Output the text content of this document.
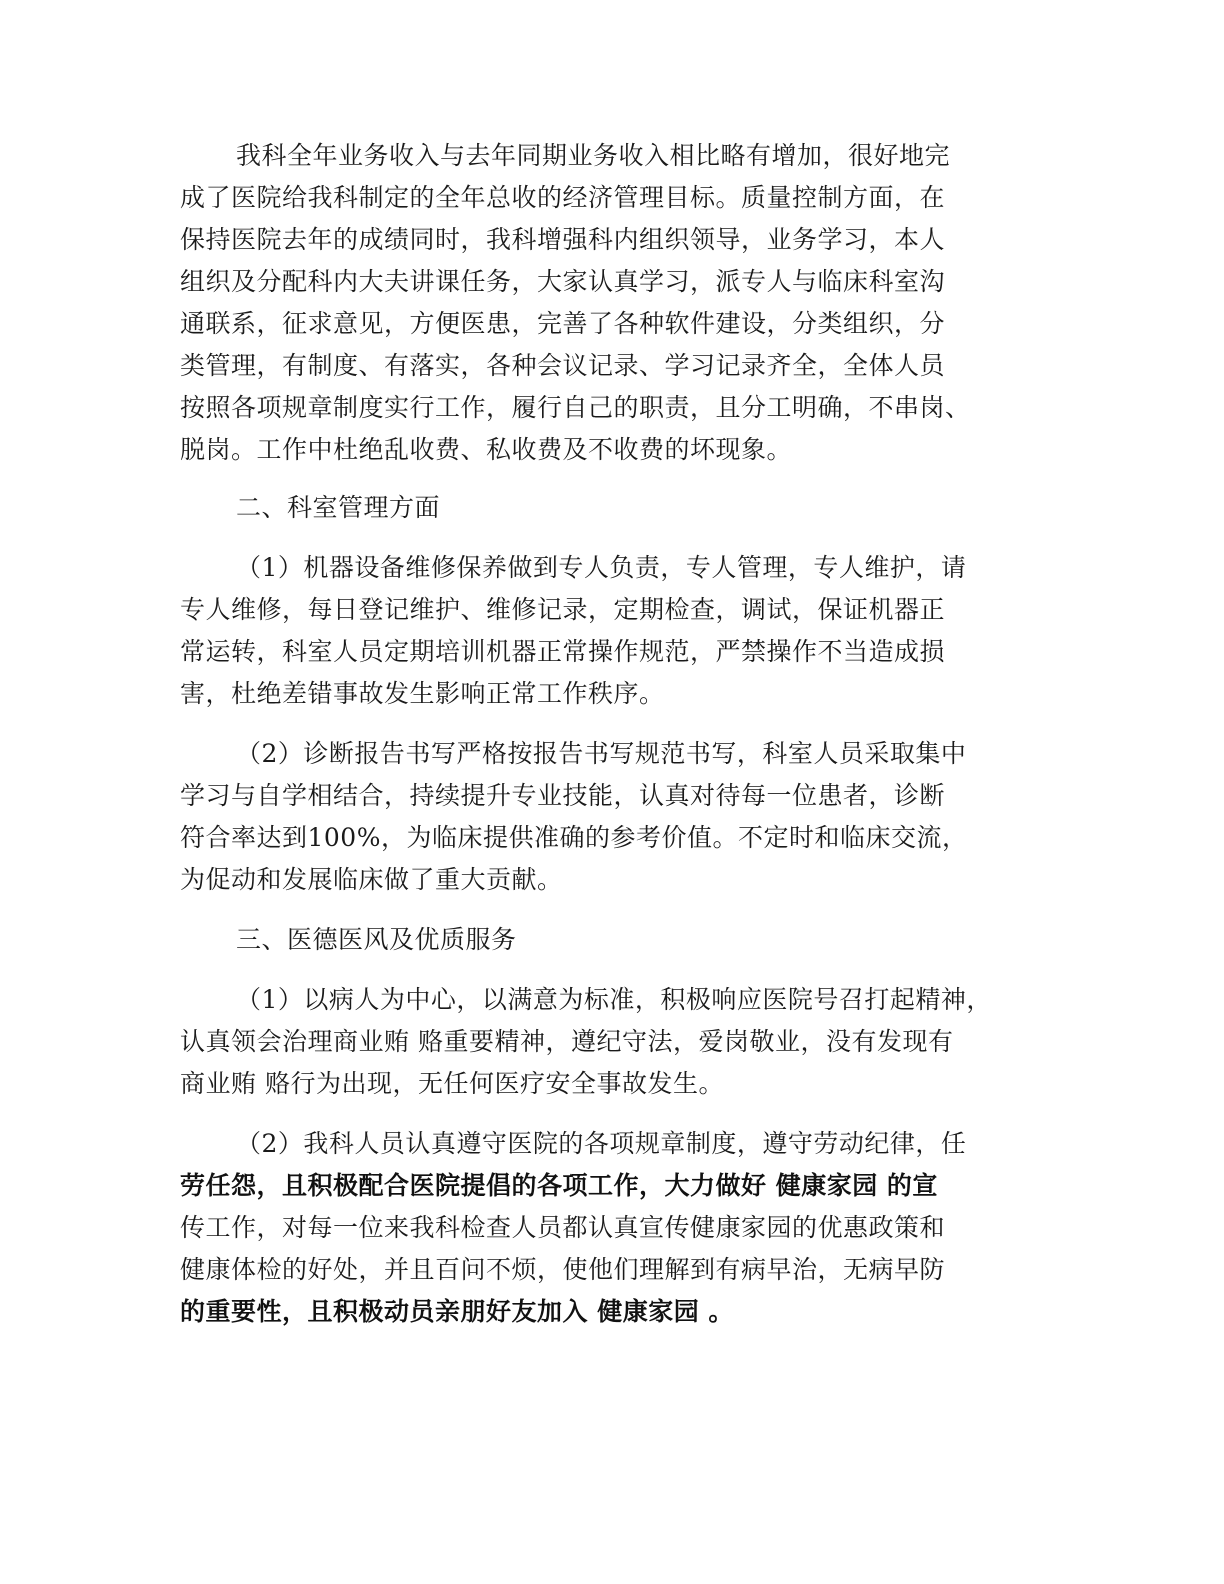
我科全年业务收入与去年同期业务收入相比略有增加，很好地完
成了医院给我科制定的全年总收的经济管理目标。质量控制方面，在
保持医院去年的成绩同时，我科增强科内组织领导，业务学习，本人
组织及分配科内大夫讲课任务，大家认真学习，派专人与临床科室沟
通联系，征求意见，方便医患，完善了各种软件建设，分类组织，分
类管理，有制度、有落实，各种会议记录、学习记录齐全，全体人员
按照各项规章制度实行工作，履行自己的职责，且分工明确，不串岗、
脱岗。工作中杜绝乱收费、私收费及不收费的坏现象。
二、科室管理方面
（1）机器设备维修保养做到专人负责，专人管理，专人维护，请
专人维修，每日登记维护、维修记录，定期检查，调试，保证机器正
常运转，科室人员定期培训机器正常操作规范，严禁操作不当造成损
害，杜绝差错事故发生影响正常工作秩序。
（2）诊断报告书写严格按报告书写规范书写，科室人员采取集中
学习与自学相结合，持续提升专业技能，认真对待每一位患者，诊断
符合率达到100%，为临床提供准确的参考价值。不定时和临床交流，
为促动和发展临床做了重大贡献。
三、医德医风及优质服务
（1）以病人为中心，以满意为标准，积极响应医院号召打起精神，
认真领会治理商业贿 赂重要精神，遵纪守法，爱岗敬业，没有发现有
商业贿 赂行为出现，无任何医疗安全事故发生。
（2）我科人员认真遵守医院的各项规章制度，遵守劳动纪律，任
劳任怨，且积极配合医院提倡的各项工作，大力做好 健康家园 的宣
传工作，对每一位来我科检查人员都认真宣传健康家园的优惠政策和
健康体检的好处，并且百问不烦，使他们理解到有病早治，无病早防
的重要性，且积极动员亲朋好友加入 健康家园 。
